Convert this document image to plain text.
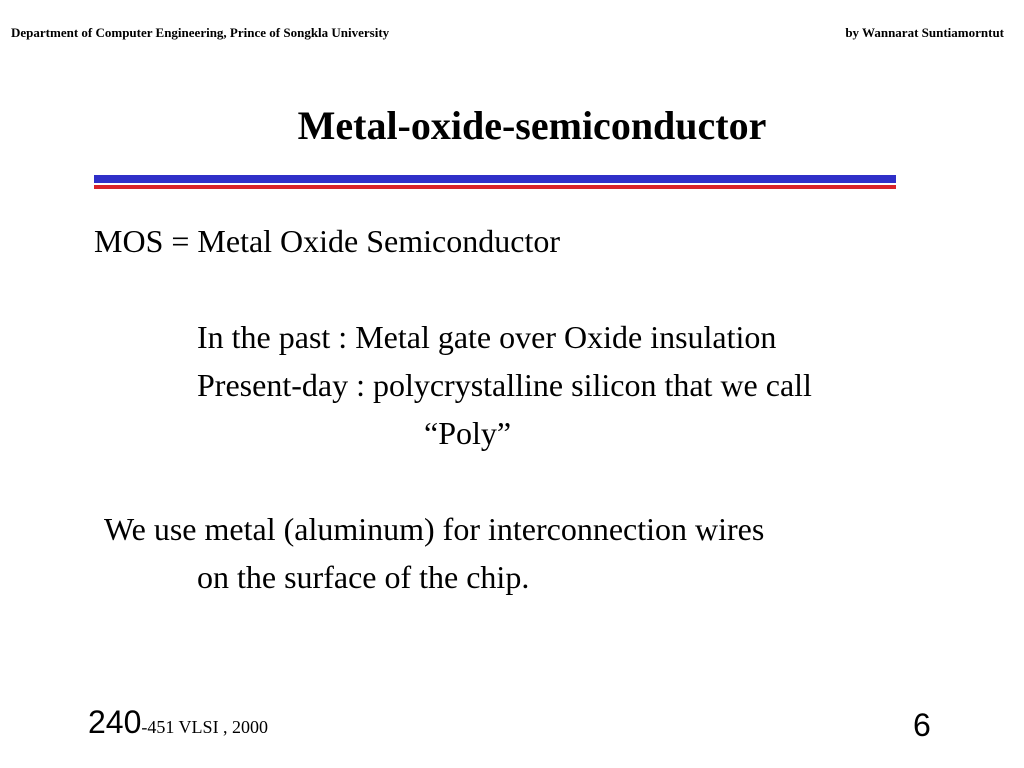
Department of Computer Engineering, Prince of Songkla University	by Wannarat Suntiamorntut
Metal-oxide-semiconductor
MOS = Metal Oxide Semiconductor
In the past : Metal gate over Oxide insulation
Present-day : polycrystalline silicon that we call
“Poly”
We use metal (aluminum) for interconnection wires
on the surface of the chip.
240-451 VLSI , 2000	6
